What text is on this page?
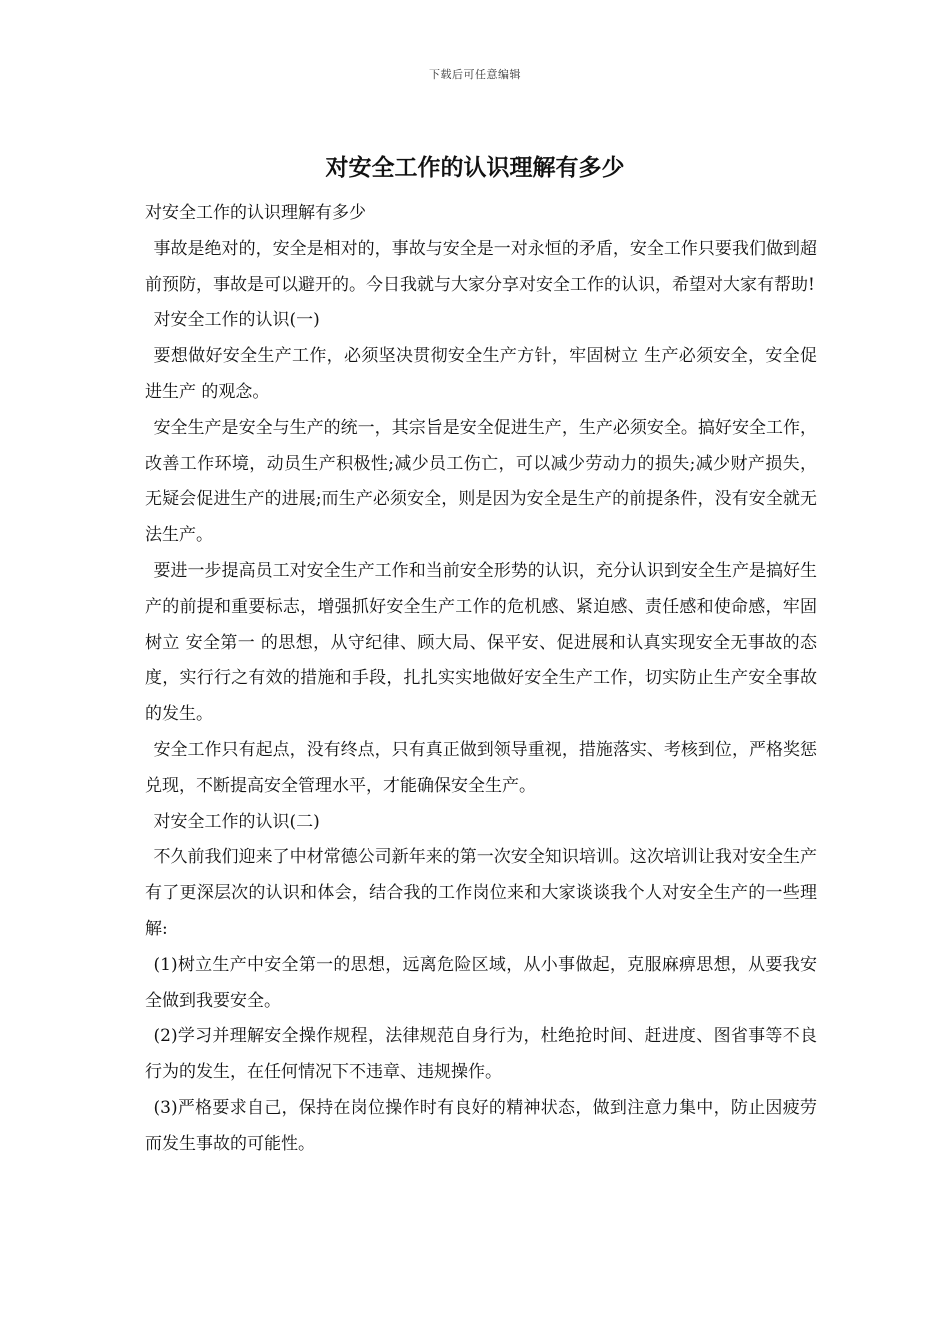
下载后可任意编辑
对安全工作的认识理解有多少

对安全工作的认识理解有多少

事故是绝对的，安全是相对的，事故与安全是一对永恒的矛盾，安全工作只要我们做到超前预防，事故是可以避开的。今日我就与大家分享对安全工作的认识，希望对大家有帮助!

对安全工作的认识(一)

要想做好安全生产工作，必须坚决贯彻安全生产方针，牢固树立 生产必须安全，安全促进生产 的观念。

安全生产是安全与生产的统一，其宗旨是安全促进生产，生产必须安全。搞好安全工作，改善工作环境，动员生产积极性;减少员工伤亡，可以减少劳动力的损失;减少财产损失，无疑会促进生产的进展;而生产必须安全，则是因为安全是生产的前提条件，没有安全就无法生产。

要进一步提高员工对安全生产工作和当前安全形势的认识，充分认识到安全生产是搞好生产的前提和重要标志，增强抓好安全生产工作的危机感、紧迫感、责任感和使命感，牢固树立 安全第一 的思想，从守纪律、顾大局、保平安、促进展和认真实现安全无事故的态度，实行行之有效的措施和手段，扎扎实实地做好安全生产工作，切实防止生产安全事故的发生。

安全工作只有起点，没有终点，只有真正做到领导重视，措施落实、考核到位，严格奖惩兑现，不断提高安全管理水平，才能确保安全生产。

对安全工作的认识(二)

不久前我们迎来了中材常德公司新年来的第一次安全知识培训。这次培训让我对安全生产有了更深层次的认识和体会，结合我的工作岗位来和大家谈谈我个人对安全生产的一些理解:

(1)树立生产中安全第一的思想，远离危险区域，从小事做起，克服麻痹思想，从要我安全做到我要安全。

(2)学习并理解安全操作规程，法律规范自身行为，杜绝抢时间、赶进度、图省事等不良行为的发生，在任何情况下不违章、违规操作。

(3)严格要求自己，保持在岗位操作时有良好的精神状态，做到注意力集中，防止因疲劳而发生事故的可能性。
